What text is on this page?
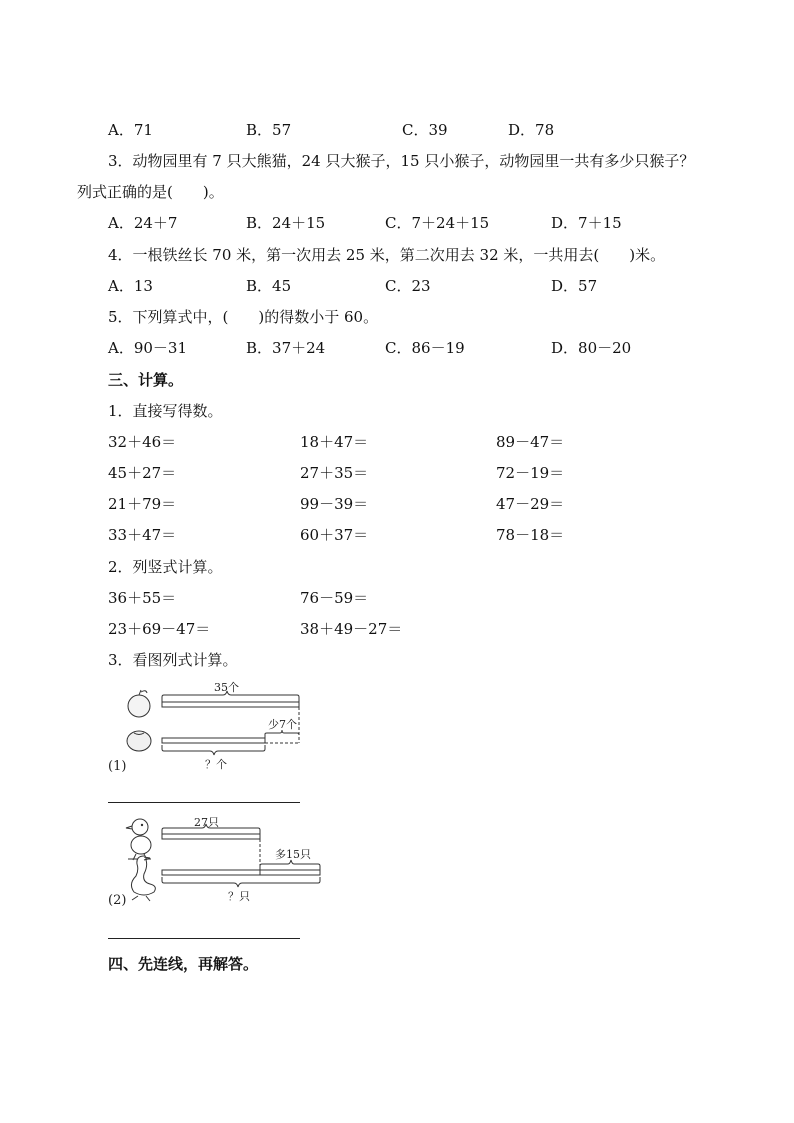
A．71	B．57	C．39	D．78
3．动物园里有 7 只大熊猫，24 只大猴子，15 只小猴子，动物园里一共有多少只猴子？
列式正确的是(　　)。
A．24＋7	B．24＋15	C．7＋24＋15	D．7＋15
4．一根铁丝长 70 米，第一次用去 25 米，第二次用去 32 米，一共用去(　　)米。
A．13	B．45	C．23	D．57
5．下列算式中，(　　)的得数小于 60。
A．90－31	B．37＋24	C．86－19	D．80－20
三、计算。
1．直接写得数。
32＋46＝	18＋47＝	89－47＝
45＋27＝	27＋35＝	72－19＝
21＋79＝	99－39＝	47－29＝
33＋47＝	60＋37＝	78－18＝
2．列竖式计算。
36＋55＝	76－59＝
23＋69－47＝	38＋49－27＝
3．看图列式计算。
35个
少7个
？个
(1)
27只
多15只
？只
(2)
四、先连线，再解答。
